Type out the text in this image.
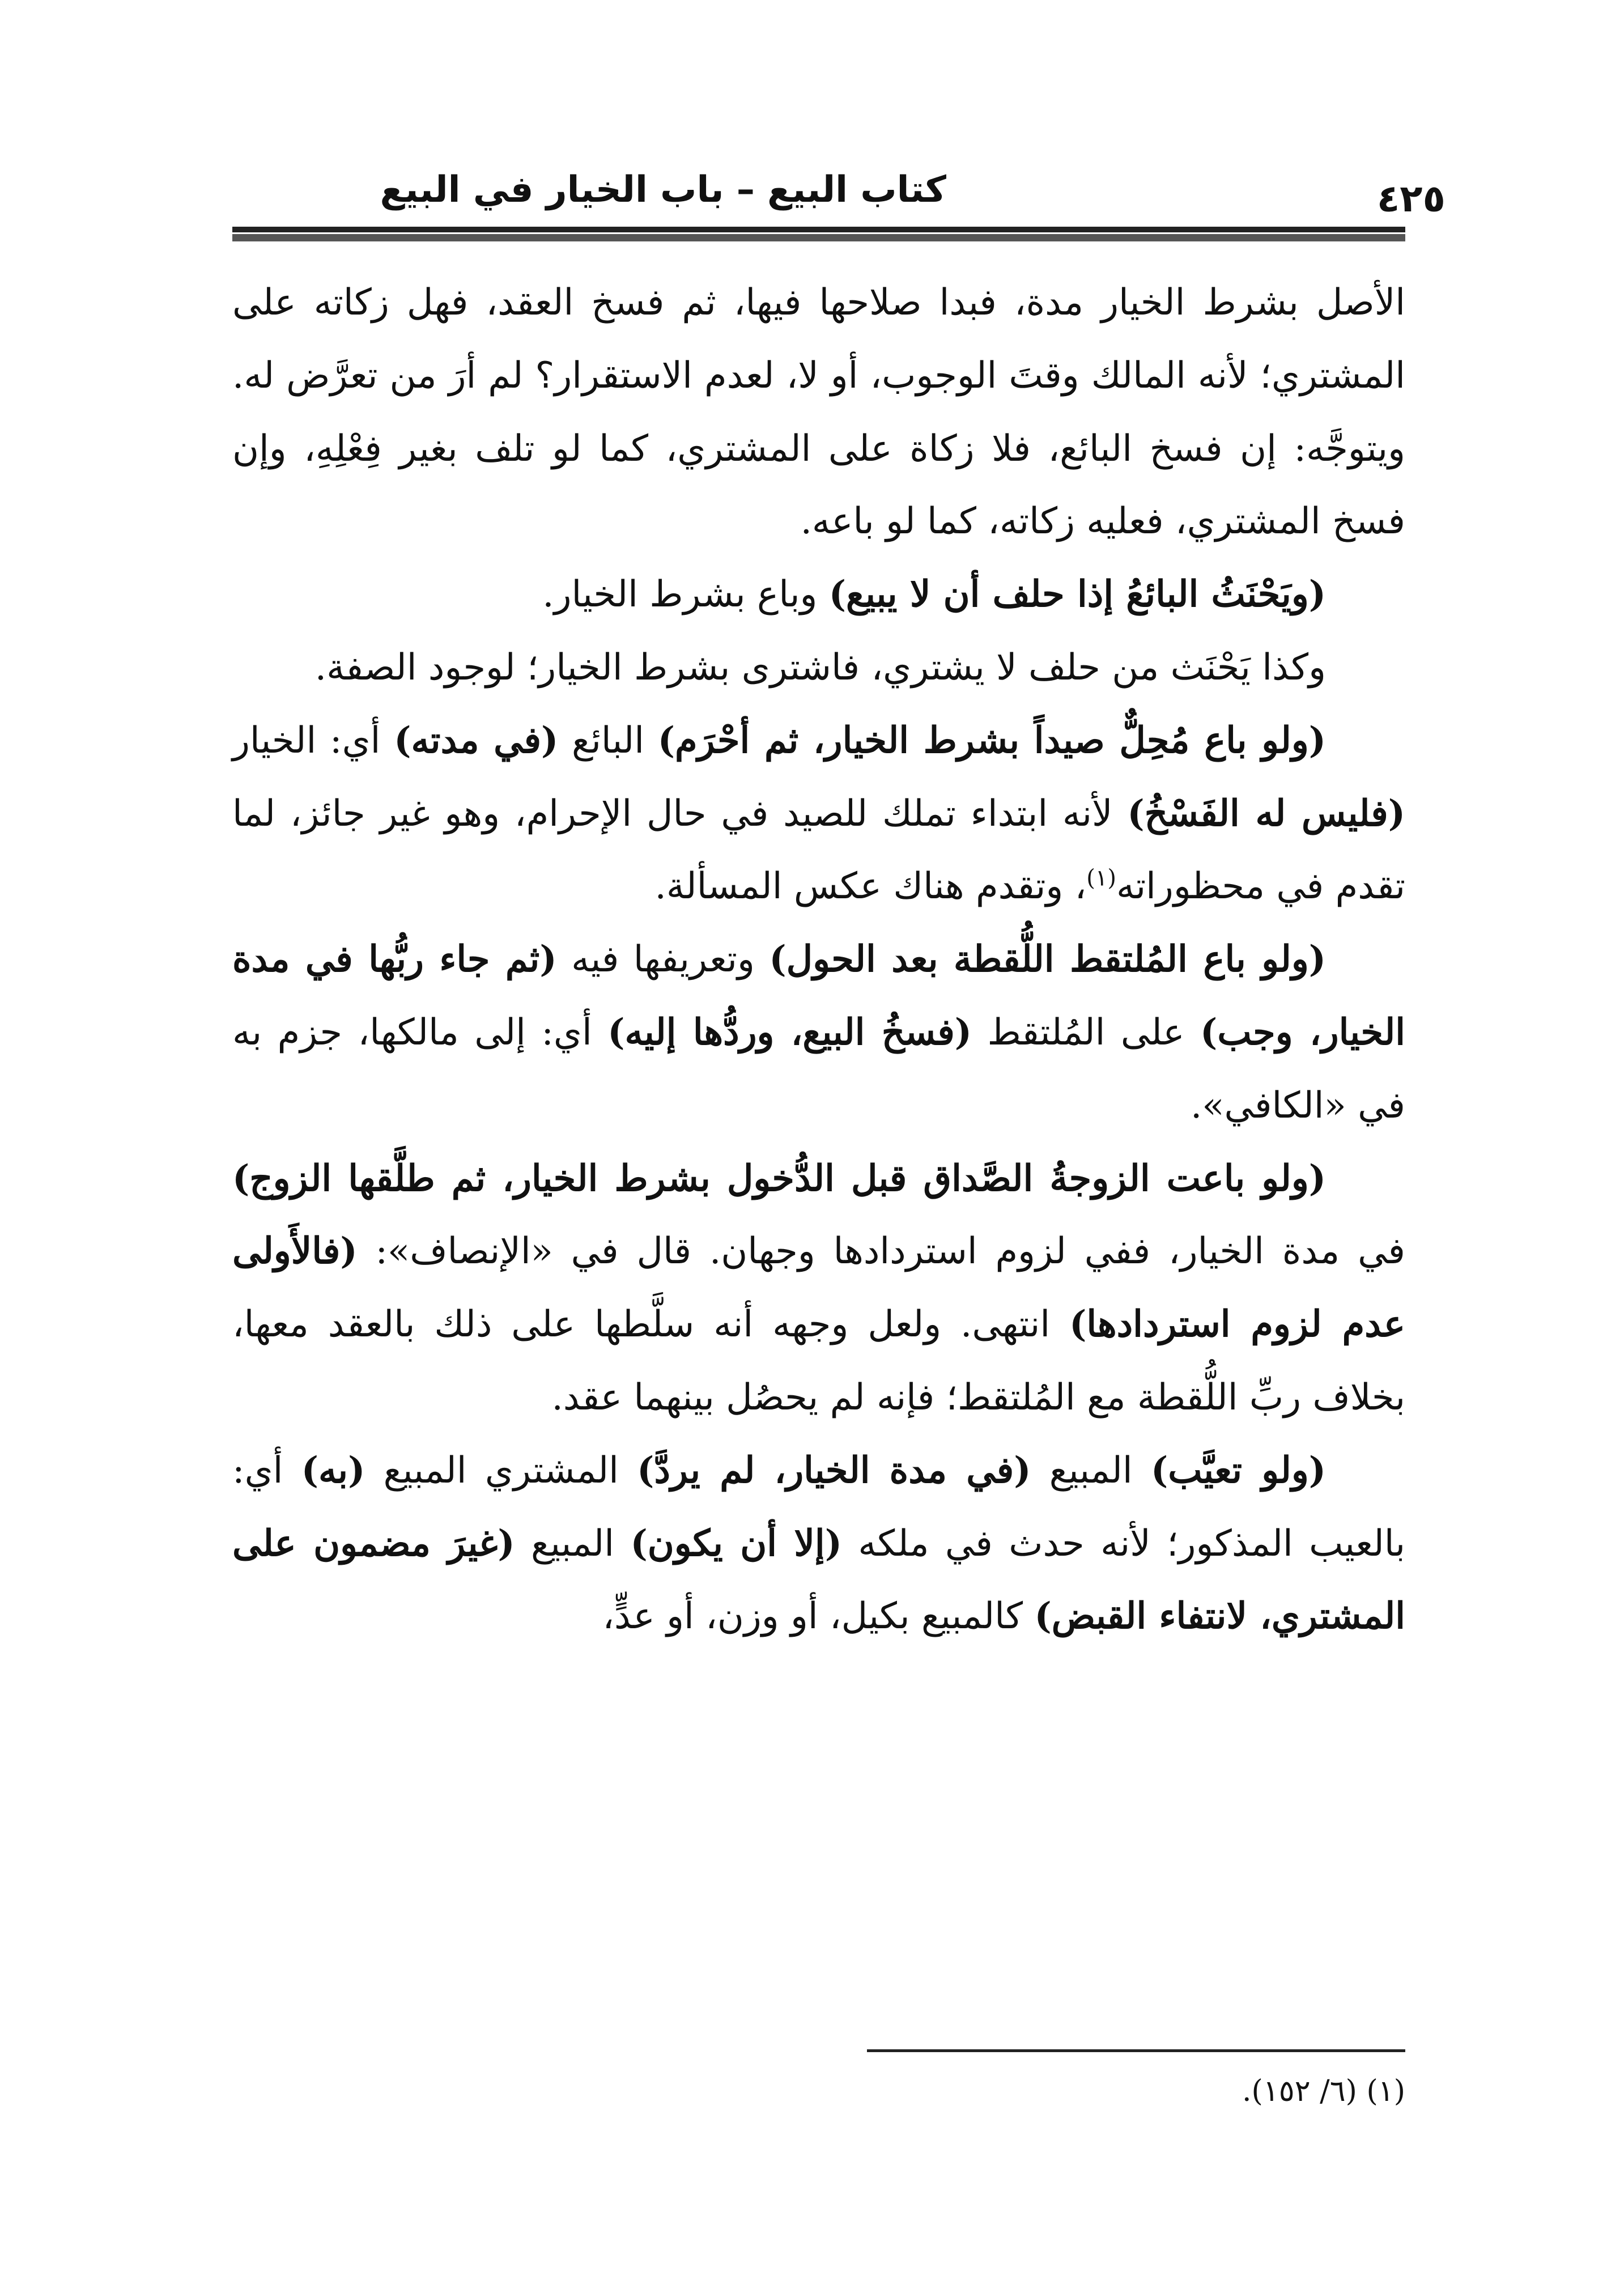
كتاب البيع – باب الخيار في البيع	٤٢٥

الأصل بشرط الخيار مدة، فبدا صلاحها فيها، ثم فسخ العقد، فهل زكاته على المشتري؛ لأنه المالك وقتَ الوجوب، أو لا، لعدم الاستقرار؟ لم أرَ من تعرَّض له. ويتوجَّه: إن فسخ البائع، فلا زكاة على المشتري، كما لو تلف بغير فِعْلِهِ، وإن فسخ المشتري، فعليه زكاته، كما لو باعه.

(ويَحْنَثُ البائعُ إذا حلف أن لا يبيع) وباع بشرط الخيار.

وكذا يَحْنَث من حلف لا يشتري، فاشترى بشرط الخيار؛ لوجود الصفة.

(ولو باع مُحِلٌّ صيداً بشرط الخيار، ثم أحْرَم) البائع (في مدته) أي: الخيار (فليس له الفَسْخُ) لأنه ابتداء تملك للصيد في حال الإحرام، وهو غير جائز، لما تقدم في محظوراته$^{(١)}$، وتقدم هناك عكس المسألة.

(ولو باع المُلتقط اللُّقطة بعد الحول) وتعريفها فيه (ثم جاء ربُّها في مدة الخيار، وجب) على المُلتقط (فسخُ البيع، وردُّها إليه) أي: إلى مالكها، جزم به في «الكافي».

(ولو باعت الزوجةُ الصَّداق قبل الدُّخول بشرط الخيار، ثم طلَّقها الزوج) في مدة الخيار، ففي لزوم استردادها وجهان. قال في «الإنصاف»: (فالأَولى عدم لزوم استردادها) انتهى. ولعل وجهه أنه سلَّطها على ذلك بالعقد معها، بخلاف ربِّ اللُّقطة مع المُلتقط؛ فإنه لم يحصُل بينهما عقد.

(ولو تعيَّب) المبيع (في مدة الخيار، لم يردَّ) المشتري المبيع (به) أي: بالعيب المذكور؛ لأنه حدث في ملكه (إلا أن يكون) المبيع (غيرَ مضمون على المشتري، لانتفاء القبض) كالمبيع بكيل، أو وزن، أو عدٍّ،

(١) (٦/ ١٥٢).
